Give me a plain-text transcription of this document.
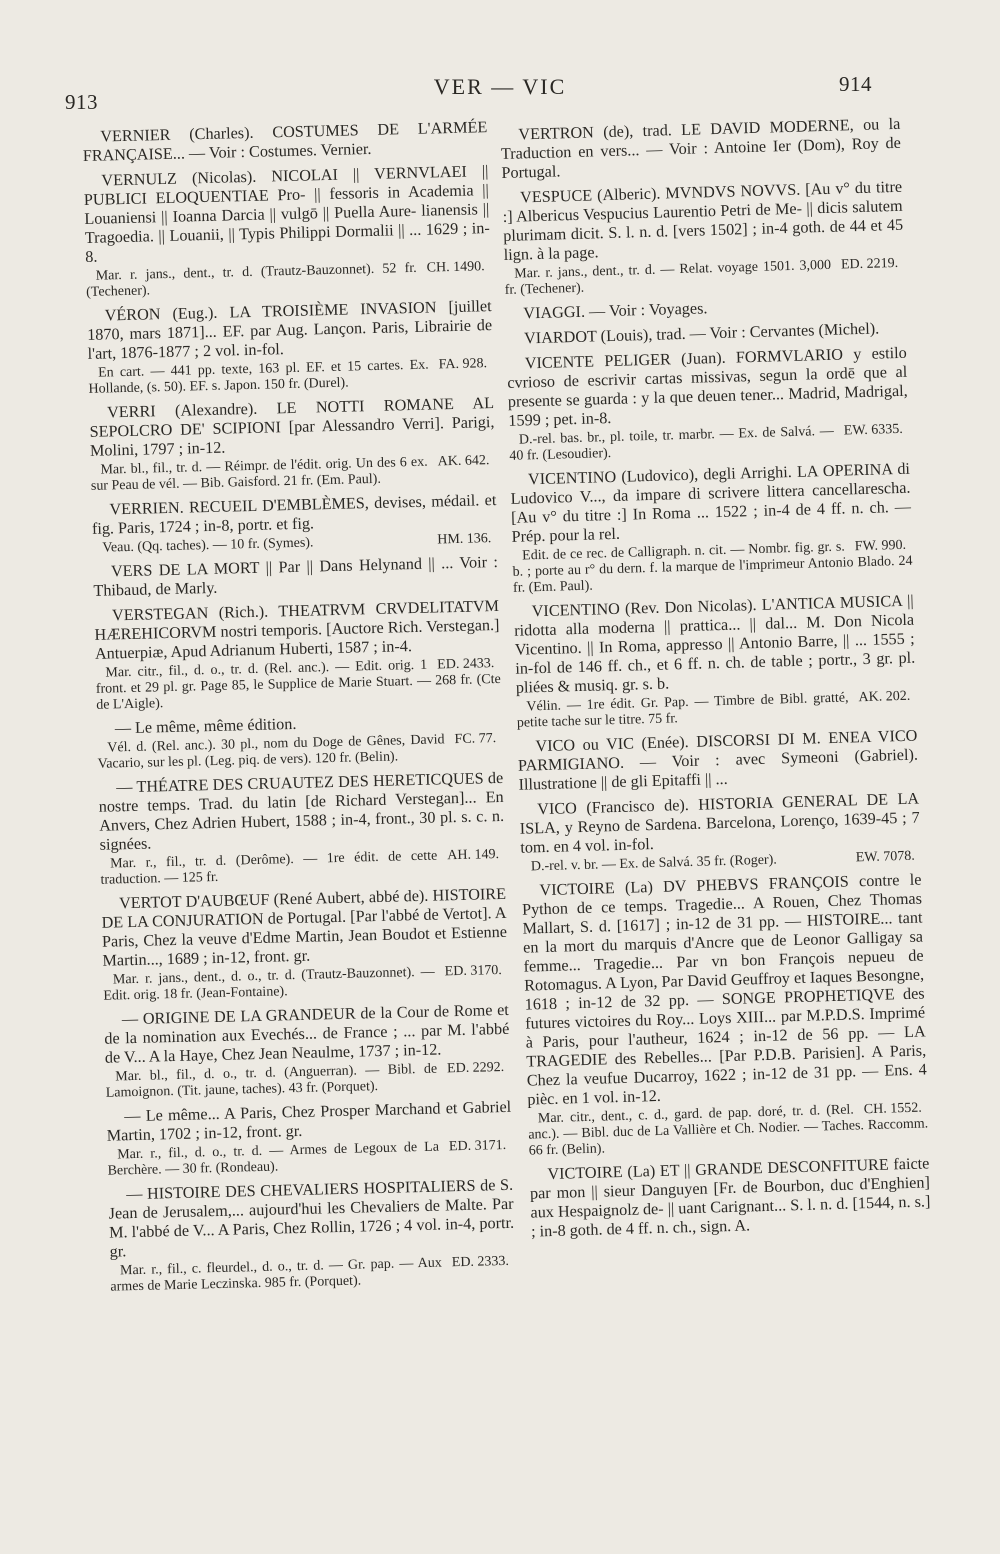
913
VER — VIC	914
VERNIER (Charles). COSTUMES DE L'ARMÉE FRANÇAISE... — Voir : Costumes. Vernier.
VERNULZ (Nicolas). NICOLAI || VERNVLAEI || PUBLICI ELOQUENTIAE Pro- || fessoris in Academia || Louaniensi || Ioanna Darcia || vulgō || Puella Aure- lianensis || Tragoedia. || Louanii, || Typis Philippi Dormalii || ... 1629 ; in-8.
CH. 1490.
Mar. r. jans., dent., tr. d. (Trautz-Bauzonnet). 52 fr. (Techener).
VÉRON (Eug.). LA TROISIÈME INVASION [juillet 1870, mars 1871]... EF. par Aug. Lançon. Paris, Librairie de l'art, 1876-1877 ; 2 vol. in-fol.
FA. 928.
En cart. — 441 pp. texte, 163 pl. EF. et 15 cartes. Ex. Hollande, (s. 50). EF. s. Japon. 150 fr. (Durel).
VERRI (Alexandre). LE NOTTI ROMANE AL SEPOLCRO DE' SCIPIONI [par Alessandro Verri]. Parigi, Molini, 1797 ; in-12.
AK. 642.
Mar. bl., fil., tr. d. — Réimpr. de l'édit. orig. Un des 6 ex. sur Peau de vél. — Bib. Gaisford. 21 fr. (Em. Paul).
VERRIEN. RECUEIL D'EMBLÈMES, devises, médail. et fig. Paris, 1724 ; in-8, portr. et fig.
HM. 136.
Veau. (Qq. taches). — 10 fr. (Symes).
VERS DE LA MORT || Par || Dans Helynand || ... Voir : Thibaud, de Marly.
VERSTEGAN (Rich.). THEATRVM CRVDELITATVM HÆREHICORVM nostri temporis. [Auctore Rich. Verstegan.] Antuerpiæ, Apud Adrianum Huberti, 1587 ; in-4.
ED. 2433.
Mar. citr., fil., d. o., tr. d. (Rel. anc.). — Edit. orig. 1 front. et 29 pl. gr. Page 85, le Supplice de Marie Stuart. — 268 fr. (Cte de L'Aigle).
— Le même, même édition.
FC. 77.
Vél. d. (Rel. anc.). 30 pl., nom du Doge de Gênes, David Vacario, sur les pl. (Leg. piq. de vers). 120 fr. (Belin).
— THÉATRE DES CRUAUTEZ DES HERETICQUES de nostre temps. Trad. du latin [de Richard Verstegan]... En Anvers, Chez Adrien Hubert, 1588 ; in-4, front., 30 pl. s. c. n. signées.
AH. 149.
Mar. r., fil., tr. d. (Derôme). — 1re édit. de cette traduction. — 125 fr.
VERTOT D'AUBŒUF (René Aubert, abbé de). HISTOIRE DE LA CONJURATION de Portugal. [Par l'abbé de Vertot]. A Paris, Chez la veuve d'Edme Martin, Jean Boudot et Estienne Martin..., 1689 ; in-12, front. gr.
ED. 3170.
Mar. r. jans., dent., d. o., tr. d. (Trautz-Bauzonnet). — Edit. orig. 18 fr. (Jean-Fontaine).
— ORIGINE DE LA GRANDEUR de la Cour de Rome et de la nomination aux Evechés... de France ; ... par M. l'abbé de V... A la Haye, Chez Jean Neaulme, 1737 ; in-12.
ED. 2292.
Mar. bl., fil., d. o., tr. d. (Anguerran). — Bibl. de Lamoignon. (Tit. jaune, taches). 43 fr. (Porquet).
— Le même... A Paris, Chez Prosper Marchand et Gabriel Martin, 1702 ; in-12, front. gr.
ED. 3171.
Mar. r., fil., d. o., tr. d. — Armes de Legoux de La Berchère. — 30 fr. (Rondeau).
— HISTOIRE DES CHEVALIERS HOSPITALIERS de S. Jean de Jerusalem,... aujourd'hui les Chevaliers de Malte. Par M. l'abbé de V... A Paris, Chez Rollin, 1726 ; 4 vol. in-4, portr. gr.
ED. 2333.
Mar. r., fil., c. fleurdel., d. o., tr. d. — Gr. pap. — Aux armes de Marie Leczinska. 985 fr. (Porquet).
VERTRON (de), trad. LE DAVID MODERNE, ou la Traduction en vers... — Voir : Antoine Ier (Dom), Roy de Portugal.
VESPUCE (Alberic). MVNDVS NOVVS. [Au v° du titre :] Albericus Vespucius Laurentio Petri de Me- || dicis salutem plurimam dicit. S. l. n. d. [vers 1502] ; in-4 goth. de 44 et 45 lign. à la page.
ED. 2219.
Mar. r. jans., dent., tr. d. — Relat. voyage 1501. 3,000 fr. (Techener).
VIAGGI. — Voir : Voyages.
VIARDOT (Louis), trad. — Voir : Cervantes (Michel).
VICENTE PELIGER (Juan). FORMVLARIO y estilo cvrioso de escrivir cartas missivas, segun la ordē que al presente se guarda : y la que deuen tener... Madrid, Madrigal, 1599 ; pet. in-8.
EW. 6335.
D.-rel. bas. br., pl. toile, tr. marbr. — Ex. de Salvá. — 40 fr. (Lesoudier).
VICENTINO (Ludovico), degli Arrighi. LA OPERINA di Ludovico V..., da impare di scrivere littera cancellarescha. [Au v° du titre :] In Roma ... 1522 ; in-4 de 4 ff. n. ch. — Prép. pour la rel.
FW. 990.
Edit. de ce rec. de Calligraph. n. cit. — Nombr. fig. gr. s. b. ; porte au r° du dern. f. la marque de l'imprimeur Antonio Blado. 24 fr. (Em. Paul).
VICENTINO (Rev. Don Nicolas). L'ANTICA MUSICA || ridotta alla moderna || prattica... || dal... M. Don Nicola Vicentino. || In Roma, appresso || Antonio Barre, || ... 1555 ; in-fol de 146 ff. ch., et 6 ff. n. ch. de table ; portr., 3 gr. pl. pliées & musiq. gr. s. b.
AK. 202.
Vélin. — 1re édit. Gr. Pap. — Timbre de Bibl. gratté, petite tache sur le titre. 75 fr.
VICO ou VIC (Enée). DISCORSI DI M. ENEA VICO PARMIGIANO. — Voir : avec Symeoni (Gabriel). Illustratione || de gli Epitaffi || ...
VICO (Francisco de). HISTORIA GENERAL DE LA ISLA, y Reyno de Sardena. Barcelona, Lorenço, 1639-45 ; 7 tom. en 4 vol. in-fol.
EW. 7078.
D.-rel. v. br. — Ex. de Salvá. 35 fr. (Roger).
VICTOIRE (La) DV PHEBVS FRANÇOIS contre le Python de ce temps. Tragedie... A Rouen, Chez Thomas Mallart, S. d. [1617] ; in-12 de 31 pp. — HISTOIRE... tant en la mort du marquis d'Ancre que de Leonor Galligay sa femme... Tragedie... Par vn bon François nepueu de Rotomagus. A Lyon, Par David Geuffroy et Iaques Besongne, 1618 ; in-12 de 32 pp. — SONGE PROPHETIQVE des futures victoires du Roy... Loys XIII... par M.P.D.S. Imprimé à Paris, pour l'autheur, 1624 ; in-12 de 56 pp. — LA TRAGEDIE des Rebelles... [Par P.D.B. Parisien]. A Paris, Chez la veufue Ducarroy, 1622 ; in-12 de 31 pp. — Ens. 4 pièc. en 1 vol. in-12.
CH. 1552.
Mar. citr., dent., c. d., gard. de pap. doré, tr. d. (Rel. anc.). — Bibl. duc de La Vallière et Ch. Nodier. — Taches. Raccomm. 66 fr. (Belin).
VICTOIRE (La) ET || GRANDE DESCONFITURE faicte par mon || sieur Danguyen [Fr. de Bourbon, duc d'Enghien] aux Hespaignolz de- || uant Carignant... S. l. n. d. [1544, n. s.] ; in-8 goth. de 4 ff. n. ch., sign. A.
